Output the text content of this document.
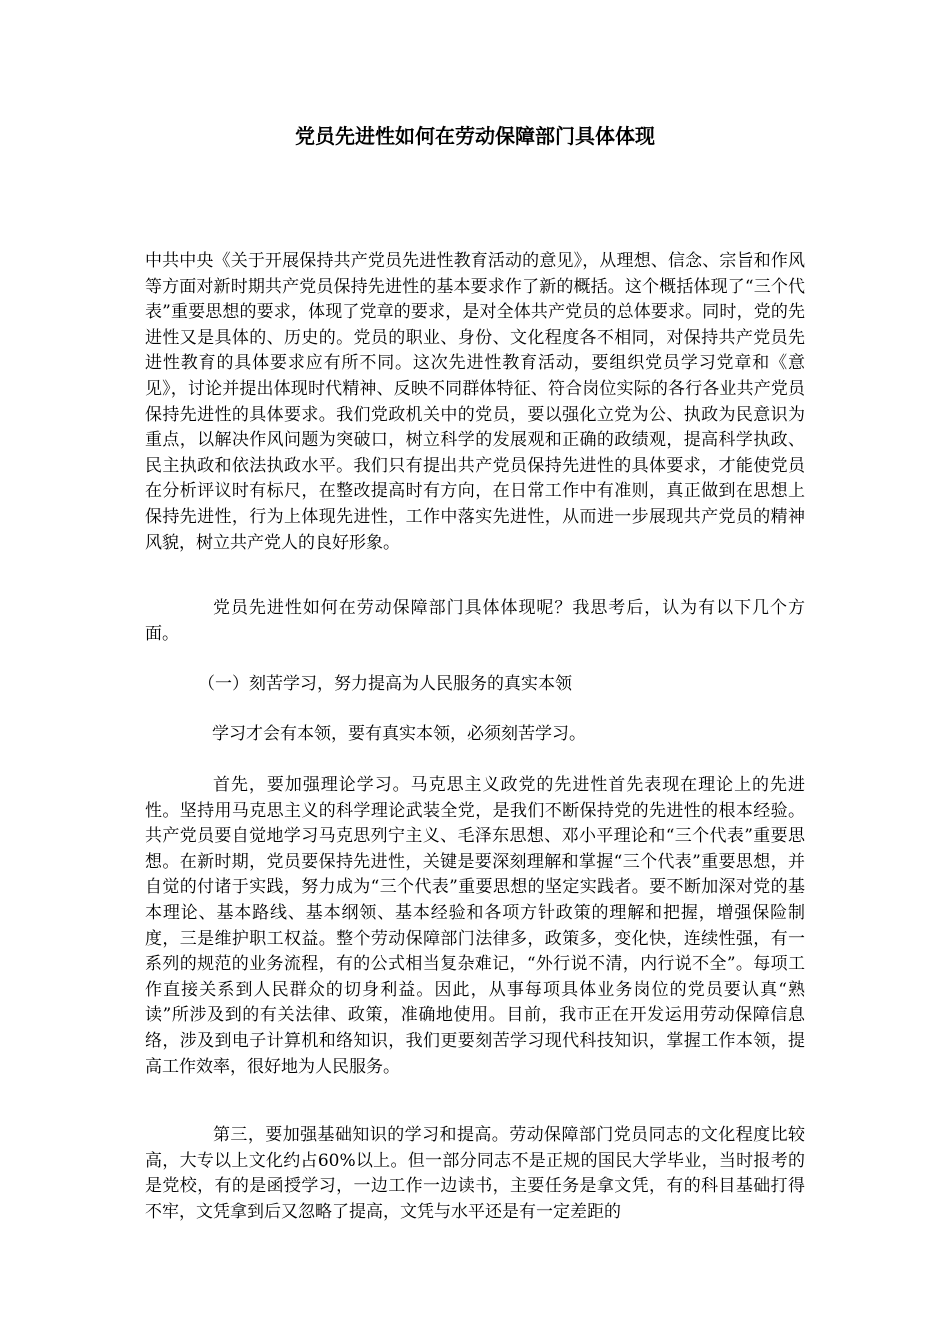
党员先进性如何在劳动保障部门具体体现

中共中央《关于开展保持共产党员先进性教育活动的意见》，从理想、信念、宗旨和作风等方面对新时期共产党员保持先进性的基本要求作了新的概括。这个概括体现了“三个代表”重要思想的要求，体现了党章的要求，是对全体共产党员的总体要求。同时，党的先进性又是具体的、历史的。党员的职业、身份、文化程度各不相同，对保持共产党员先进性教育的具体要求应有所不同。这次先进性教育活动，要组织党员学习党章和《意见》，讨论并提出体现时代精神、反映不同群体特征、符合岗位实际的各行各业共产党员保持先进性的具体要求。我们党政机关中的党员，要以强化立党为公、执政为民意识为重点，以解决作风问题为突破口，树立科学的发展观和正确的政绩观，提高科学执政、民主执政和依法执政水平。我们只有提出共产党员保持先进性的具体要求，才能使党员在分析评议时有标尺，在整改提高时有方向，在日常工作中有准则，真正做到在思想上保持先进性，行为上体现先进性，工作中落实先进性，从而进一步展现共产党员的精神风貌，树立共产党人的良好形象。

党员先进性如何在劳动保障部门具体体现呢？我思考后，认为有以下几个方面。

（一）刻苦学习，努力提高为人民服务的真实本领

学习才会有本领，要有真实本领，必须刻苦学习。

首先，要加强理论学习。马克思主义政党的先进性首先表现在理论上的先进性。坚持用马克思主义的科学理论武装全党，是我们不断保持党的先进性的根本经验。共产党员要自觉地学习马克思列宁主义、毛泽东思想、邓小平理论和“三个代表”重要思想。在新时期，党员要保持先进性，关键是要深刻理解和掌握“三个代表”重要思想，并自觉的付诸于实践，努力成为“三个代表”重要思想的坚定实践者。要不断加深对党的基本理论、基本路线、基本纲领、基本经验和各项方针政策的理解和把握，增强保险制度，三是维护职工权益。整个劳动保障部门法律多，政策多，变化快，连续性强，有一系列的规范的业务流程，有的公式相当复杂难记，“外行说不清，内行说不全”。每项工作直接关系到人民群众的切身利益。因此，从事每项具体业务岗位的党员要认真“熟读”所涉及到的有关法律、政策，准确地使用。目前，我市正在开发运用劳动保障信息络，涉及到电子计算机和络知识，我们更要刻苦学习现代科技知识，掌握工作本领，提高工作效率，很好地为人民服务。

第三，要加强基础知识的学习和提高。劳动保障部门党员同志的文化程度比较高，大专以上文化约占60%以上。但一部分同志不是正规的国民大学毕业，当时报考的是党校，有的是函授学习，一边工作一边读书，主要任务是拿文凭，有的科目基础打得不牢，文凭拿到后又忽略了提高，文凭与水平还是有一定差距的
